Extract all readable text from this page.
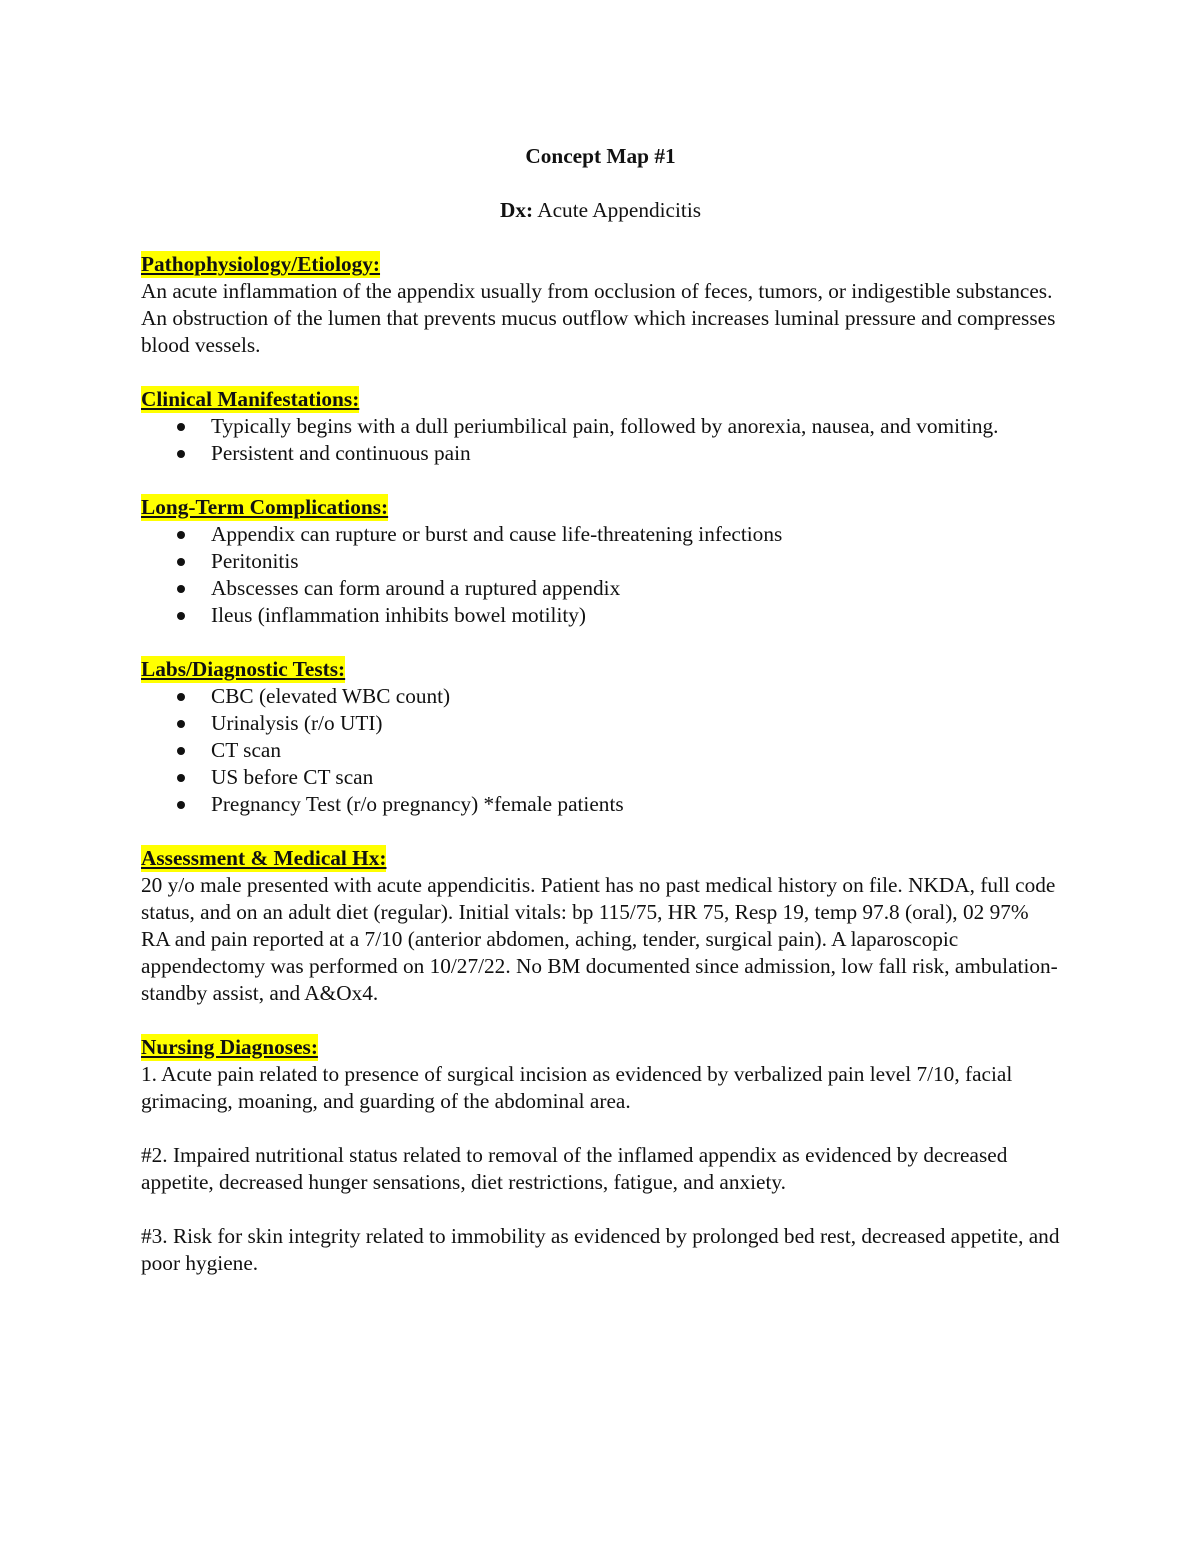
Concept Map #1

Dx: Acute Appendicitis

Pathophysiology/Etiology:

An acute inflammation of the appendix usually from occlusion of feces, tumors, or indigestible substances. An obstruction of the lumen that prevents mucus outflow which increases luminal pressure and compresses blood vessels.

Clinical Manifestations:
Typically begins with a dull periumbilical pain, followed by anorexia, nausea, and vomiting.
Persistent and continuous pain
Long-Term Complications:
Appendix can rupture or burst and cause life-threatening infections
Peritonitis
Abscesses can form around a ruptured appendix
Ileus (inflammation inhibits bowel motility)
Labs/Diagnostic Tests:
CBC (elevated WBC count)
Urinalysis (r/o UTI)
CT scan
US before CT scan
Pregnancy Test (r/o pregnancy) *female patients
Assessment & Medical Hx:

20 y/o male presented with acute appendicitis. Patient has no past medical history on file. NKDA, full code status, and on an adult diet (regular). Initial vitals: bp 115/75, HR 75, Resp 19, temp 97.8 (oral), 02 97% RA and pain reported at a 7/10 (anterior abdomen, aching, tender, surgical pain). A laparoscopic appendectomy was performed on 10/27/22. No BM documented since admission, low fall risk, ambulation-standby assist, and A&Ox4.

Nursing Diagnoses:

1. Acute pain related to presence of surgical incision as evidenced by verbalized pain level 7/10, facial grimacing, moaning, and guarding of the abdominal area.

#2. Impaired nutritional status related to removal of the inflamed appendix as evidenced by decreased appetite, decreased hunger sensations, diet restrictions, fatigue, and anxiety.

#3. Risk for skin integrity related to immobility as evidenced by prolonged bed rest, decreased appetite, and poor hygiene.
